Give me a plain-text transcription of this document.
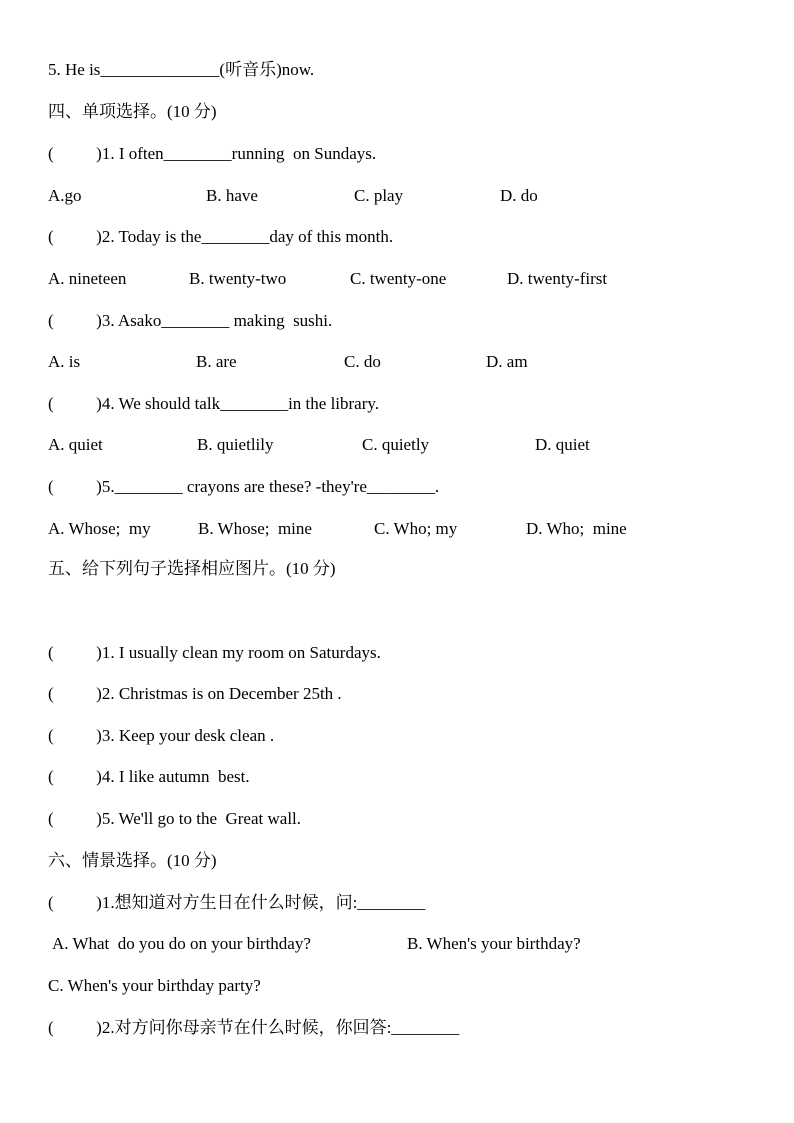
5. He is______________(听音乐)now.
四、单项选择。(10 分)
(          )1. I often________running  on Sundays.
A.go	B. have	C. play	D. do
(          )2. Today is the________day of this month.
A. nineteen	B. twenty-two	C. twenty-one	D. twenty-first
(          )3. Asako________ making  sushi.
A. is	B. are	C. do	D. am
(          )4. We should talk________in the library.
A. quiet	B. quietlily	C. quietly	D. quiet
(          )5.________ crayons are these? -they're________.
A. Whose;  my	B. Whose;  mine	C. Who; my	D. Who;  mine
五、给下列句子选择相应图片。(10 分)
(          )1. I usually clean my room on Saturdays.
(          )2. Christmas is on December 25th .
(          )3. Keep your desk clean .
(          )4. I like autumn  best.
(          )5. We'll go to the  Great wall.
六、情景选择。(10 分)
(          )1.想知道对方生日在什么时候，问:________
A. What  do you do on your birthday?	B. When's your birthday?
C. When's your birthday party?
(          )2.对方问你母亲节在什么时候，你回答:________
